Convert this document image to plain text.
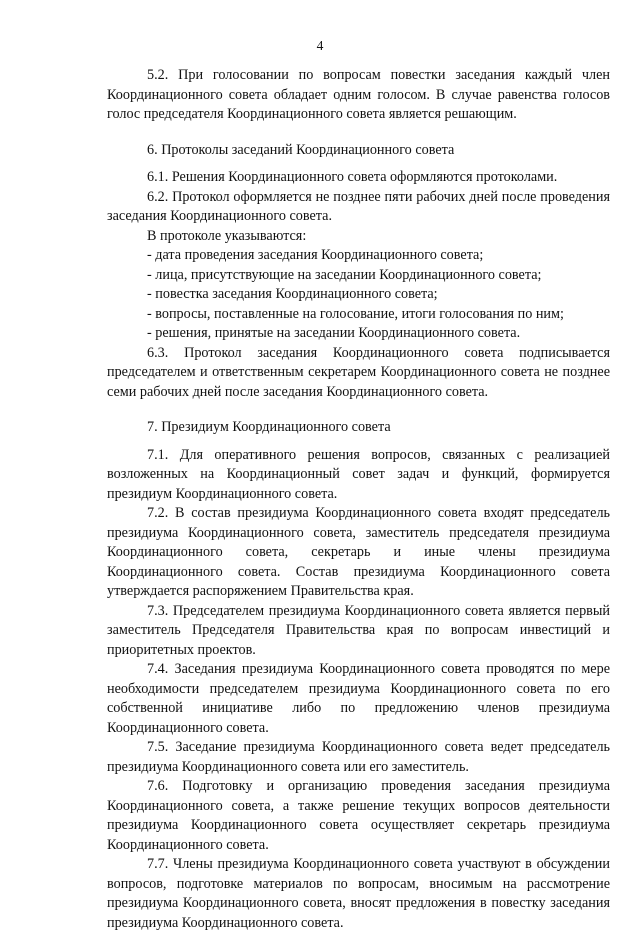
4

5.2. При голосовании по вопросам повестки заседания каждый член Координационного совета обладает одним голосом. В случае равенства голосов голос председателя Координационного совета является решающим.

6. Протоколы заседаний Координационного совета

6.1. Решения Координационного совета оформляются протоколами.

6.2. Протокол оформляется не позднее пяти рабочих дней после проведения заседания Координационного совета.

В протоколе указываются:

- дата проведения заседания Координационного совета;

- лица, присутствующие на заседании Координационного совета;

- повестка заседания Координационного совета;

- вопросы, поставленные на голосование, итоги голосования по ним;

- решения, принятые на заседании Координационного совета.

6.3. Протокол заседания Координационного совета подписывается председателем и ответственным секретарем Координационного совета не позднее семи рабочих дней после заседания Координационного совета.

7. Президиум Координационного совета

7.1. Для оперативного решения вопросов, связанных с реализацией возложенных на Координационный совет задач и функций, формируется президиум Координационного совета.

7.2. В состав президиума Координационного совета входят председатель президиума Координационного совета, заместитель председателя президиума Координационного совета, секретарь и иные члены президиума Координационного совета. Состав президиума Координационного совета утверждается распоряжением Правительства края.

7.3. Председателем президиума Координационного совета является первый заместитель Председателя Правительства края по вопросам инвестиций и приоритетных проектов.

7.4. Заседания президиума Координационного совета проводятся по мере необходимости председателем президиума Координационного совета по его собственной инициативе либо по предложению членов президиума Координационного совета.

7.5. Заседание президиума Координационного совета ведет председатель президиума Координационного совета или его заместитель.

7.6. Подготовку и организацию проведения заседания президиума Координационного совета, а также решение текущих вопросов деятельности президиума Координационного совета осуществляет секретарь президиума Координационного совета.

7.7. Члены президиума Координационного совета участвуют в обсуждении вопросов, подготовке материалов по вопросам, вносимым на рассмотрение президиума Координационного совета, вносят предложения в повестку заседания президиума Координационного совета.
